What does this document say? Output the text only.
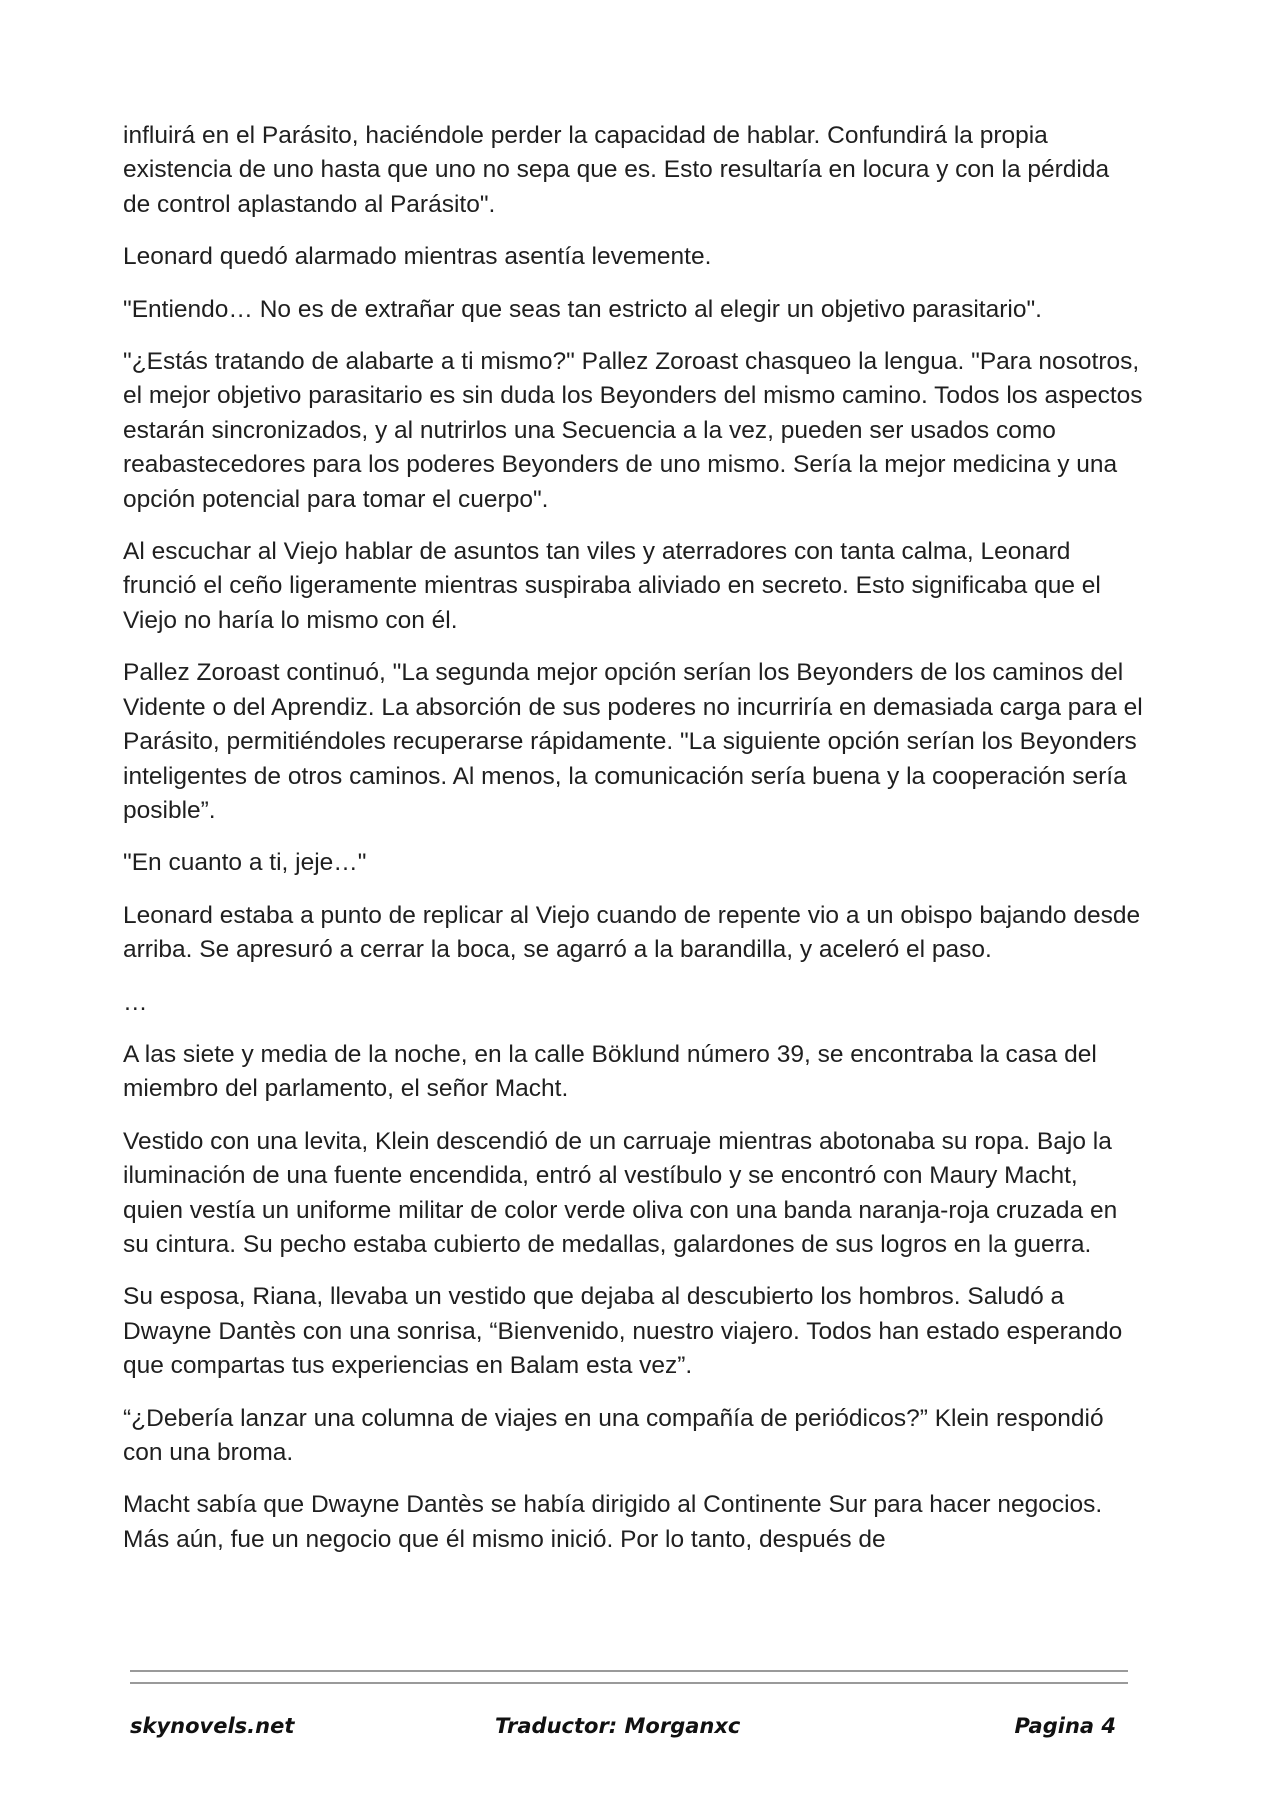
influirá en el Parásito, haciéndole perder la capacidad de hablar. Confundirá la propia existencia de uno hasta que uno no sepa que es. Esto resultaría en locura y con la pérdida de control aplastando al Parásito".

Leonard quedó alarmado mientras asentía levemente.

"Entiendo… No es de extrañar que seas tan estricto al elegir un objetivo parasitario".

"¿Estás tratando de alabarte a ti mismo?" Pallez Zoroast chasqueo la lengua. "Para nosotros, el mejor objetivo parasitario es sin duda los Beyonders del mismo camino. Todos los aspectos estarán sincronizados, y al nutrirlos una Secuencia a la vez, pueden ser usados como reabastecedores para los poderes Beyonders de uno mismo. Sería la mejor medicina y una opción potencial para tomar el cuerpo".

Al escuchar al Viejo hablar de asuntos tan viles y aterradores con tanta calma, Leonard frunció el ceño ligeramente mientras suspiraba aliviado en secreto. Esto significaba que el Viejo no haría lo mismo con él.

Pallez Zoroast continuó, "La segunda mejor opción serían los Beyonders de los caminos del Vidente o del Aprendiz. La absorción de sus poderes no incurriría en demasiada carga para el Parásito, permitiéndoles recuperarse rápidamente. "La siguiente opción serían los Beyonders inteligentes de otros caminos. Al menos, la comunicación sería buena y la cooperación sería posible”.

"En cuanto a ti, jeje…"

Leonard estaba a punto de replicar al Viejo cuando de repente vio a un obispo bajando desde arriba. Se apresuró a cerrar la boca, se agarró a la barandilla, y aceleró el paso.

…

A las siete y media de la noche, en la calle Böklund número 39, se encontraba la casa del miembro del parlamento, el señor Macht.

Vestido con una levita, Klein descendió de un carruaje mientras abotonaba su ropa. Bajo la iluminación de una fuente encendida, entró al vestíbulo y se encontró con Maury Macht, quien vestía un uniforme militar de color verde oliva con una banda naranja-roja cruzada en su cintura. Su pecho estaba cubierto de medallas, galardones de sus logros en la guerra.

Su esposa, Riana, llevaba un vestido que dejaba al descubierto los hombros. Saludó a Dwayne Dantès con una sonrisa, “Bienvenido, nuestro viajero. Todos han estado esperando que compartas tus experiencias en Balam esta vez”.

“¿Debería lanzar una columna de viajes en una compañía de periódicos?” Klein respondió con una broma.

Macht sabía que Dwayne Dantès se había dirigido al Continente Sur para hacer negocios. Más aún, fue un negocio que él mismo inició. Por lo tanto, después de

skynovels.net	Traductor: Morganxc	Pagina 4
